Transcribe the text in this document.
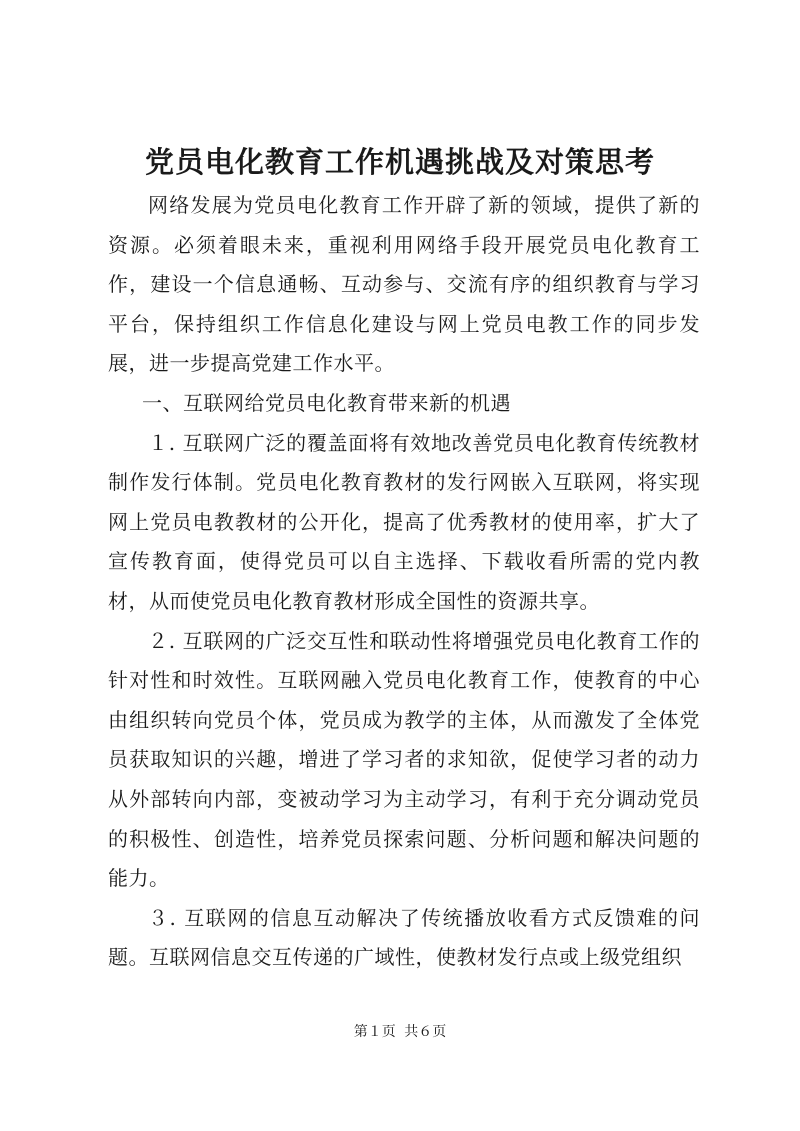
党员电化教育工作机遇挑战及对策思考

网络发展为党员电化教育工作开辟了新的领域，提供了新的资源。必须着眼未来，重视利用网络手段开展党员电化教育工作，建设一个信息通畅、互动参与、交流有序的组织教育与学习平台，保持组织工作信息化建设与网上党员电教工作的同步发展，进一步提高党建工作水平。

一、互联网给党员电化教育带来新的机遇

１. 互联网广泛的覆盖面将有效地改善党员电化教育传统教材制作发行体制。党员电化教育教材的发行网嵌入互联网，将实现网上党员电教教材的公开化，提高了优秀教材的使用率，扩大了宣传教育面，使得党员可以自主选择、下载收看所需的党内教材，从而使党员电化教育教材形成全国性的资源共享。

２. 互联网的广泛交互性和联动性将增强党员电化教育工作的针对性和时效性。互联网融入党员电化教育工作，使教育的中心由组织转向党员个体，党员成为教学的主体，从而激发了全体党员获取知识的兴趣，增进了学习者的求知欲，促使学习者的动力从外部转向内部，变被动学习为主动学习，有利于充分调动党员的积极性、创造性，培养党员探索问题、分析问题和解决问题的能力。

３. 互联网的信息互动解决了传统播放收看方式反馈难的问题。互联网信息交互传递的广域性，使教材发行点或上级党组织

第１页 共６页
